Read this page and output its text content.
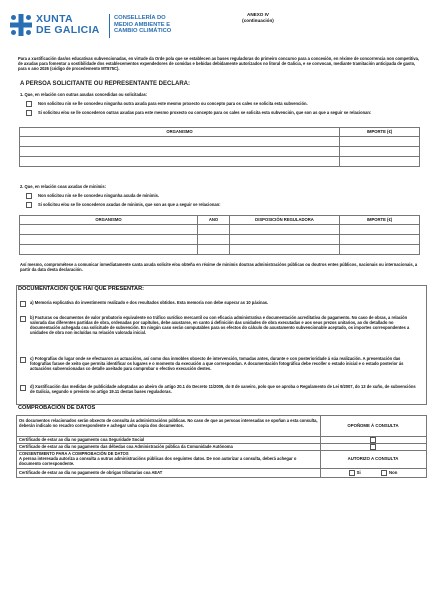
XUNTA
DE GALICIA
CONSELLERÍA DO
MEDIO AMBIENTE E
CAMBIO CLIMÁTICO
ANEXO IV
(continuación)
Para a xustificación das/os educativas subvencionadas, en virtude da Orde pola que se establecen as bases reguladoras do primeiro concurso para a concesión, en réxime de concorrencia non competitiva, de axudas para fomentar a sostibilidade dos establecementos expendedores de comidas e bebidas debidamente autorizados no litoral de Galicia, e se convocan, mediante tramitación anticipada de gasto, para o ano 2026 (código de procedemento MT875C).
A PERSOA SOLICITANTE OU REPRESENTANTE DECLARA:
1. Que, en relación con outras axudas concedidas ou solicitadas:
Non solicitou nin se lle concedeu ningunha outra axuda para este mesmo proxecto ou concepto para os cales se solicita esta subvención.
Si solicitou e/ou se lle concederon outras axudas para este mesmo proxecto ou concepto para os cales se solicita esta subvención, que son as que a seguir se relacionan:
ORGANISMO	IMPORTE (€)

2. Que, en relación coas axudas de minimis:
Non solicitou nin se lle concedeu ningunha axuda de minimis.
Si solicitou e/ou se lle concederon axudas de minimis, que son as que a seguir se relacionan:
ORGANISMO	ANO	DISPOSICIÓN REGULADORA	IMPORTE (€)

Así mesmo, comprométese a comunicar inmediatamente canta axuda solicite e/ou obteña en réxime de minimis doutras administracións públicas ou doutros entes públicos, nacionais ou internacionais, a partir da data desta declaración.
DOCUMENTACIÓN QUE HAI QUE PRESENTAR:
a) Memoria explicativa do investimento realizado e dos resultados obtidos. Esta memoria non debe superar as 10 páxinas.
b) Facturas ou documentos de valor probatorio equivalente no tráfico xurídico mercantil ou con eficacia administrativa e documentación acreditativa do pagamento. No caso de obras, a relación valorada das diferentes partidas de obra, ordenadas por capítulos, debe axustarse, en canto á definición das unidades de obra executadas e aos seus prezos unitarios, ao do detallado no documentación achegada coa solicitude de subvención. En ningún caso serán computables para os efectos do cálculo do axustamento subvencionable aceptado, os importes correspondentes a unidades de obra non incluídas na relación valorada inicial.
c) Fotografías do lugar onde se efectuaron as actuacións, así como doa inmobles obxecto de intervención, tomadas antes, durante e con posterioridade á súa realización. A presentación das fotografías farase de xeito que permita identificar os lugares e o momento da execución a que correspondan. A documentación fotográfica debe recoller o estado inicial e o estado posterior ás actuacións subvencionadas co detalle axeitado para comprobar o efectivo execución destes.
d) Xustificación das medidas de publicidade adoptadas ao abeiro do artigo 20.1 do Decreto 11/2009, do 8 de xaneiro, polo que se aproba o Regulamento de Lei 9/2007, do 13 de xuño, de subvencións de Galicia, segundo o previsto no artigo 19.11 destas bases reguladoras.
COMPROBACIÓN DE DATOS
Os documentos relacionados serán obxecto de consulta ás administracións públicas. No caso de que as persoas interesadas se opoñan a esta consulta, deberán indicalo no recadro correspondente e achegar unha copia dos documentos.	OPOÑOME Á CONSULTA
Certificado de estar ao día no pagamento coa Seguridade Social
Certificado de estar ao día no pagamento das débedas coa Administración pública da Comunidade Autónoma
CONSENTIMENTO PARA A COMPROBACIÓN DE DATOS
A persoa interesada autoriza a consulta a outras administracións públicas dos seguintes datos. De non autorizar a consulta, deberá achegar o documento correspondente.
AUTORIZO A CONSULTA
Certificado de estar ao día no pagamento de obrigas tributarias coa AEAT	Si	Non
